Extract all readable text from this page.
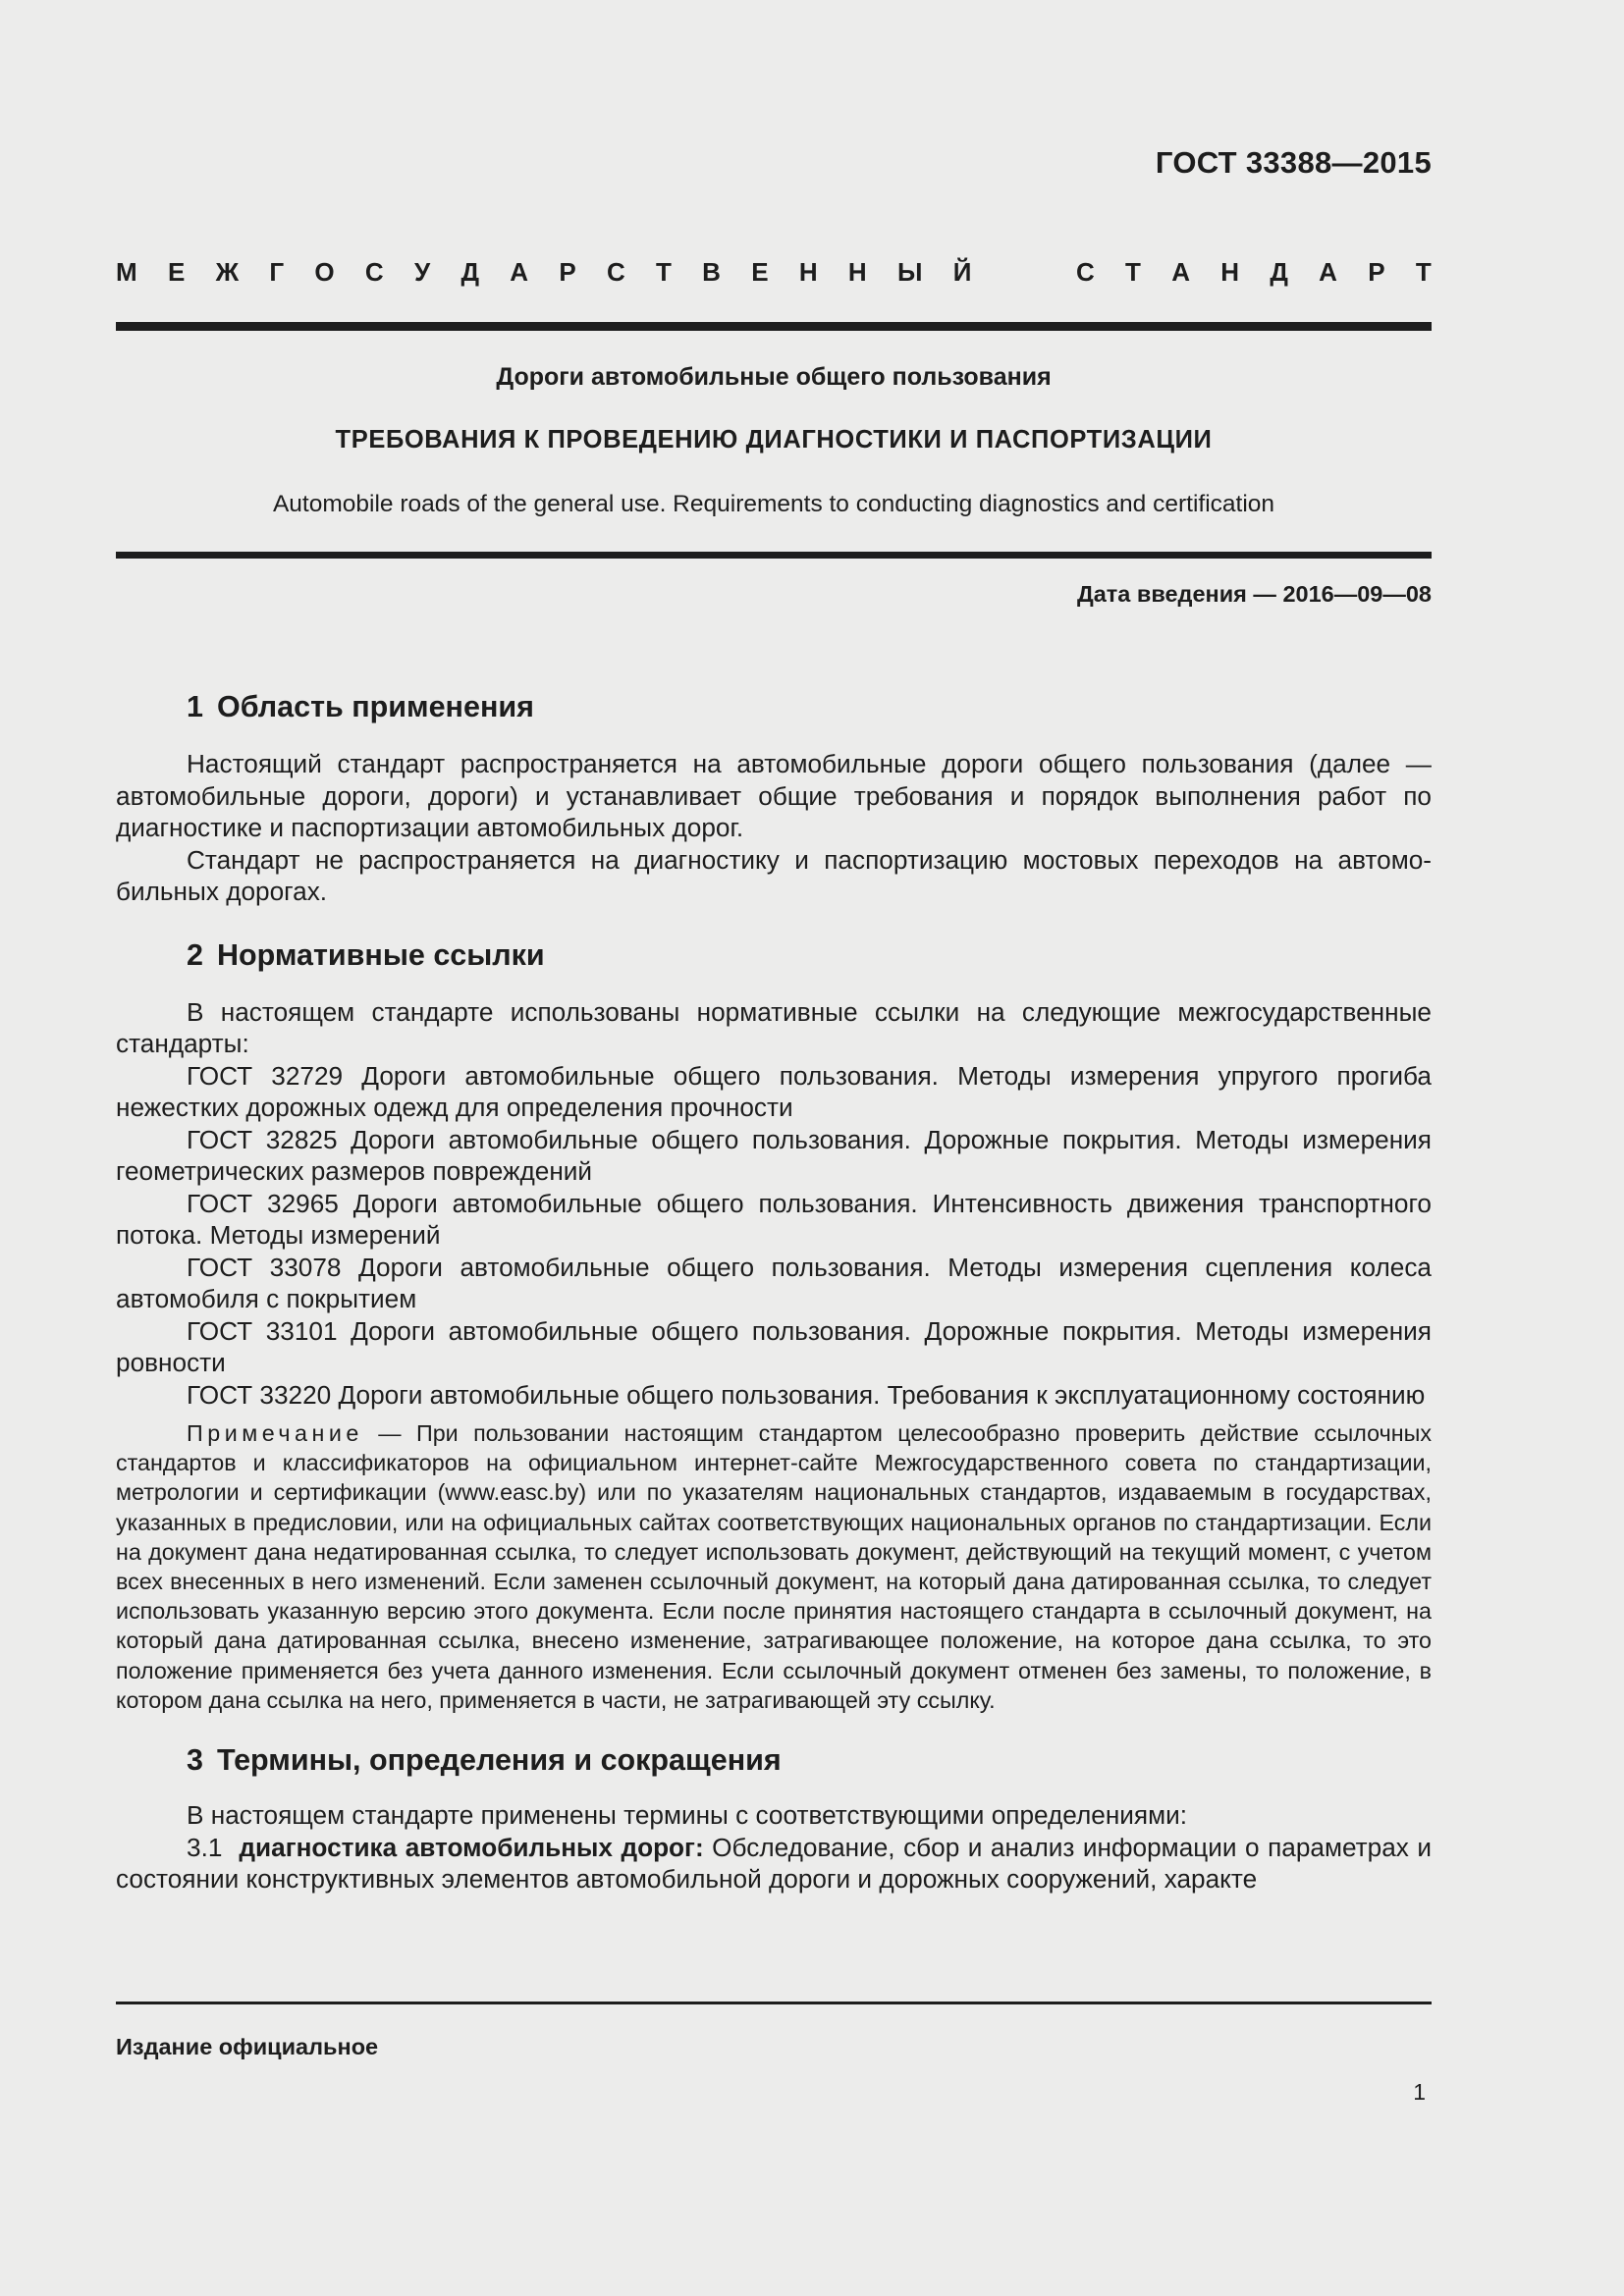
ГОСТ 33388—2015
М Е Ж Г О С У Д А Р С Т В Е Н Н Ы Й	С Т А Н Д А Р Т
Дороги автомобильные общего пользования
ТРЕБОВАНИЯ К ПРОВЕДЕНИЮ ДИАГНОСТИКИ И ПАСПОРТИЗАЦИИ
Automobile roads of the general use. Requirements to conducting diagnostics and certification
Дата введения — 2016—09—08
1 Область применения

Настоящий стандарт распространяется на автомобильные дороги общего пользования (далее — автомобильные дороги, дороги) и устанавливает общие требования и порядок выполнения работ по диагностике и паспортизации автомобильных дорог.

Стандарт не распространяется на диагностику и паспортизацию мостовых переходов на автомобильных дорогах.

2 Нормативные ссылки

В настоящем стандарте использованы нормативные ссылки на следующие межгосударственные стандарты:

ГОСТ 32729 Дороги автомобильные общего пользования. Методы измерения упругого прогиба нежестких дорожных одежд для определения прочности

ГОСТ 32825 Дороги автомобильные общего пользования. Дорожные покрытия. Методы измерения геометрических размеров повреждений

ГОСТ 32965 Дороги автомобильные общего пользования. Интенсивность движения транспортного потока. Методы измерений

ГОСТ 33078 Дороги автомобильные общего пользования. Методы измерения сцепления колеса автомобиля с покрытием

ГОСТ 33101 Дороги автомобильные общего пользования. Дорожные покрытия. Методы измерения ровности

ГОСТ 33220 Дороги автомобильные общего пользования. Требования к эксплуатационному состоянию

Примечание — При пользовании настоящим стандартом целесообразно проверить действие ссылочных стандартов и классификаторов на официальном интернет-сайте Межгосударственного совета по стандартизации, метрологии и сертификации (www.easc.by) или по указателям национальных стандартов, издаваемым в государствах, указанных в предисловии, или на официальных сайтах соответствующих национальных органов по стандартизации. Если на документ дана недатированная ссылка, то следует использовать документ, действующий на текущий момент, с учетом всех внесенных в него изменений. Если заменен ссылочный документ, на который дана датированная ссылка, то следует использовать указанную версию этого документа. Если после принятия настоящего стандарта в ссылочный документ, на который дана датированная ссылка, внесено изменение, затрагивающее положение, на которое дана ссылка, то это положение применяется без учета данного изменения. Если ссылочный документ отменен без замены, то положение, в котором дана ссылка на него, применяется в части, не затрагивающей эту ссылку.

3 Термины, определения и сокращения

В настоящем стандарте применены термины с соответствующими определениями:

3.1 диагностика автомобильных дорог: Обследование, сбор и анализ информации о параметрах и состоянии конструктивных элементов автомобильной дороги и дорожных сооружений, характе

Издание официальное
1
